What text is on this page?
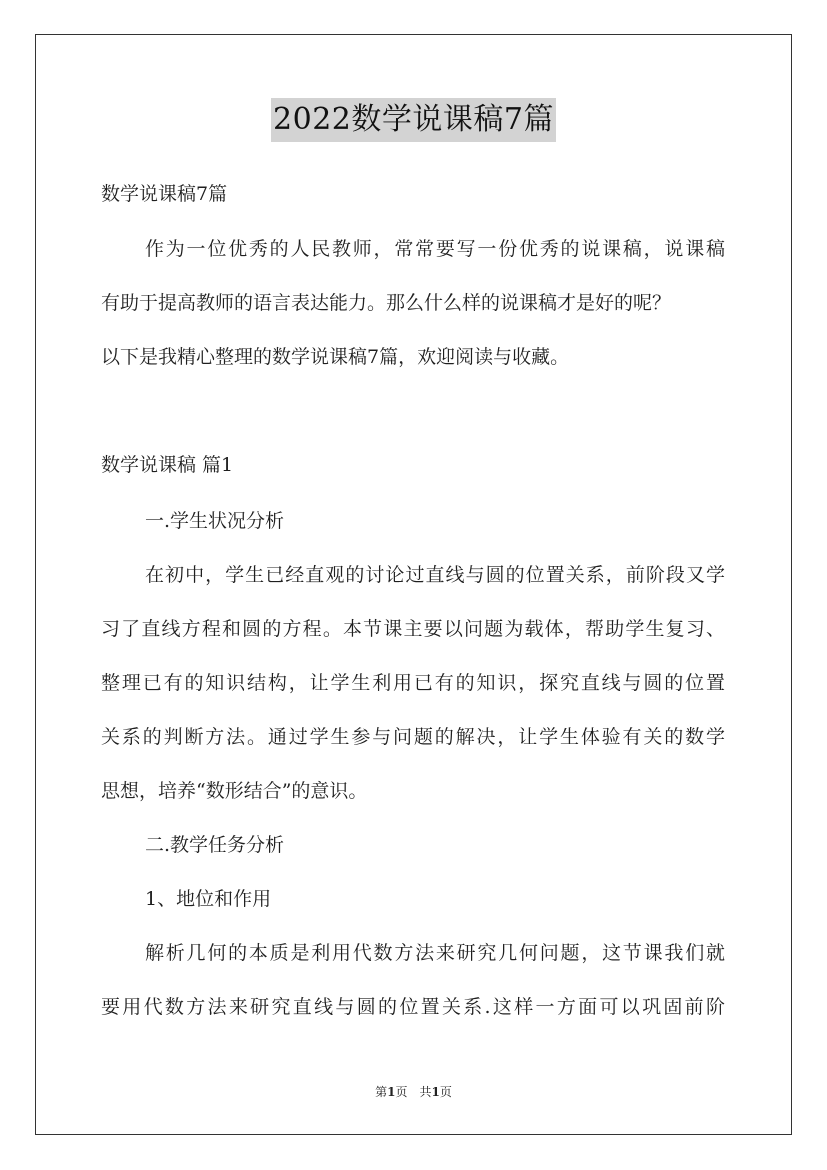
2022数学说课稿7篇
数学说课稿7篇
作为一位优秀的人民教师，常常要写一份优秀的说课稿，说课稿
有助于提高教师的语言表达能力。那么什么样的说课稿才是好的呢？
以下是我精心整理的数学说课稿7篇，欢迎阅读与收藏。
数学说课稿 篇1
一.学生状况分析
在初中，学生已经直观的讨论过直线与圆的位置关系，前阶段又学
习了直线方程和圆的方程。本节课主要以问题为载体，帮助学生复习、
整理已有的知识结构，让学生利用已有的知识，探究直线与圆的位置
关系的判断方法。通过学生参与问题的解决，让学生体验有关的数学
思想，培养“数形结合”的意识。
二.教学任务分析
1、地位和作用
解析几何的本质是利用代数方法来研究几何问题，这节课我们就
要用代数方法来研究直线与圆的位置关系.这样一方面可以巩固前阶
第1页　共1页
